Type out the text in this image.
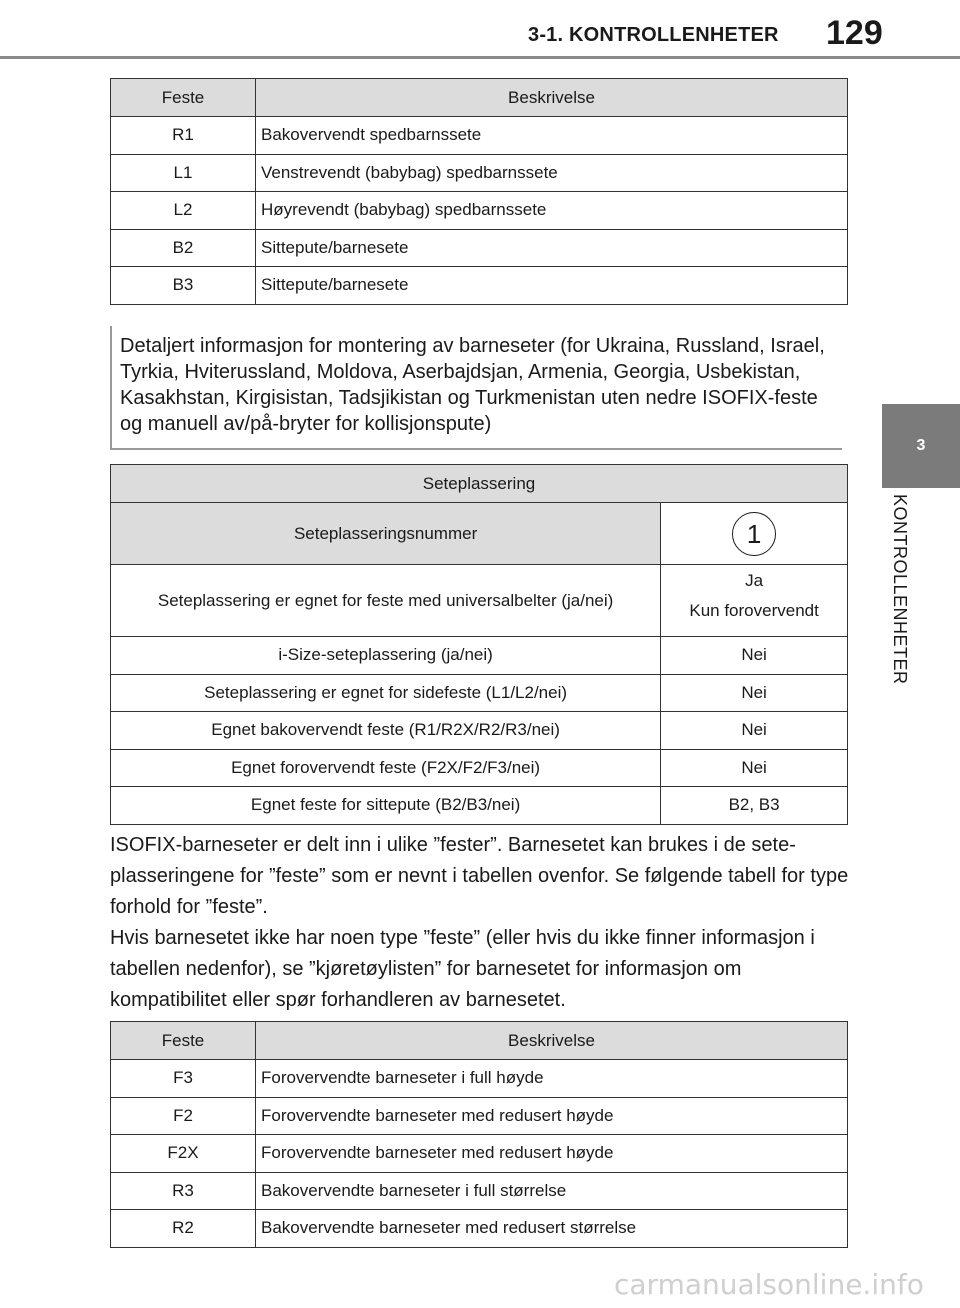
3-1. KONTROLLENHETER 129
3
KONTROLLENHETER
Feste	Beskrivelse
R1	Bakovervendt spedbarnssete
L1	Venstrevendt (babybag) spedbarnssete
L2	Høyrevendt (babybag) spedbarnssete
B2	Sittepute/barnesete
B3	Sittepute/barnesete
Detaljert informasjon for montering av barneseter (for Ukraina, Russland, Israel, Tyrkia, Hviterussland, Moldova, Aserbajdsjan, Armenia, Georgia, Usbekistan, Kasakhstan, Kirgisistan, Tadsjikistan og Turkmenistan uten nedre ISOFIX-feste og manuell av/på-bryter for kollisjonspute)
Seteplassering	
Seteplasseringsnummer	1
Seteplassering er egnet for feste med universalbelter (ja/nei)	Ja
Kun forovervendt

i-Size-seteplassering (ja/nei)	Nei
Seteplassering er egnet for sidefeste (L1/L2/nei)	Nei
Egnet bakovervendt feste (R1/R2X/R2/R3/nei)	Nei
Egnet forovervendt feste (F2X/F2/F3/nei)	Nei
Egnet feste for sittepute (B2/B3/nei)	B2, B3

ISOFIX-barneseter er delt inn i ulike ”fester”. Barnesetet kan brukes i de seteplasseringene for ”feste” som er nevnt i tabellen ovenfor. Se følgende tabell for type forhold for ”feste”.

Hvis barnesetet ikke har noen type ”feste” (eller hvis du ikke finner informasjon i tabellen nedenfor), se ”kjøretøylisten” for barnesetet for informasjon om kompatibilitet eller spør forhandleren av barnesetet.

Feste	Beskrivelse
F3	Forovervendte barneseter i full høyde
F2	Forovervendte barneseter med redusert høyde
F2X	Forovervendte barneseter med redusert høyde
R3	Bakovervendte barneseter i full størrelse
R2	Bakovervendte barneseter med redusert størrelse
carmanualsonline.info
